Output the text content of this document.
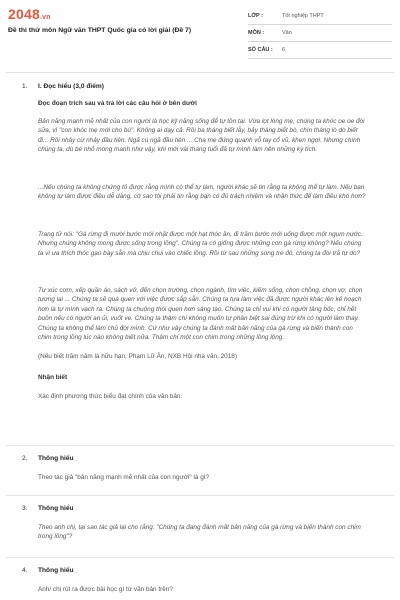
2048.vn
Đề thi thử môn Ngữ văn THPT Quốc gia có lời giải (Đề 7)
LỚP :	Tốt nghiệp THPT
MÔN :	Văn
SỐ CÂU :	6
1. I. Đọc hiểu (3,0 điểm)
Đọc đoạn trích sau và trả lời các câu hỏi ở bên dưới
Bản năng mạnh mẽ nhất của con người là học kỹ năng sống để tự tồn tại. Vừa lọt lòng mẹ, chúng ta khóc oe oe đòi sữa, vì "con khóc mẹ mới cho bú". Không ai dạy cả. Rồi ba tháng biết lẫy, bảy tháng biết bò, chín tháng lò dò biết đi... Rồi nhảy cừ nhảy đầu tiên. Ngã cú ngã đầu tiên ... Cha mẹ đứng quanh vỗ tay cổ vũ, khen ngợi. Nhưng chính chúng ta, dù bé nhỏ mong manh như vậy, khi mới vài tháng tuổi đã tự mình làm nên những kỳ tích.
...Nếu chúng ta không chứng tỏ được rằng mình có thể tự làm, người khác sẽ tin rằng ta không thể tự làm. Nếu bạn không tự làm được điều dễ dàng, cớ sao tôi phải tin rằng bạn có đủ trách nhiệm và nhận thức để làm điều khó hơn?
Trang tử nói: "Gà rừng đi mười bước mới nhặt được một hạt thóc ăn, đi trăm bước mới uống được một ngụm nước. Nhưng chúng không mong được sống trong lồng". Chúng ta có giống được những con gà rừng không? Nếu chúng ta vì ưa thích thóc gạo bày sẵn mà chịu chui vào chiếc lồng. Rồi từ sau những song tre đó, chúng ta đòi trả tự do?
Tự xúc cơm, xếp quần áo, sách vở, đến chọn trường, chọn ngành, tìm việc, kiếm sống, chọn chồng, chọn vợ, chọn tương lai ... Chúng ta sẽ quá quen với việc được sắp sẵn. Chúng ta tựa làm việc đã được người khác lên kế hoạch hơn là tự mình vạch ra. Chúng ta chuộng thói quen hơn sáng tạo. Chúng ta chỉ vui khi có người tâng bốc, chỉ hết buồn nếu có người an ủi, vuốt ve. Chúng ta thậm chí không muốn tự phân biệt sai đúng trừ khi có người làm thay. Chúng ta không thể làm chủ đời mình. Cứ như vậy chúng ta đánh mất bản năng của gà rừng và biến thành con chim trong lồng lúc nào không biết nữa. Thậm chí một con chim trong những lồng lộng.
(Nếu biết trăm năm là hữu hạn, Phạm Lữ Ân, NXB Hội nhà văn, 2018)
Nhận biết
Xác định phương thức biểu đạt chính của văn bản.
2. Thông hiểu
Theo tác giả "bản năng mạnh mẽ nhất của con người" là gì?
3. Thông hiểu
Theo anh chị, tại sao tác giả lại cho rằng: "Chúng ta đang đánh mất bản năng của gà rừng và biến thành con chim trong lồng"?
4. Thông hiểu
Anh/ chị rút ra được bài học gì từ văn bản trên?
